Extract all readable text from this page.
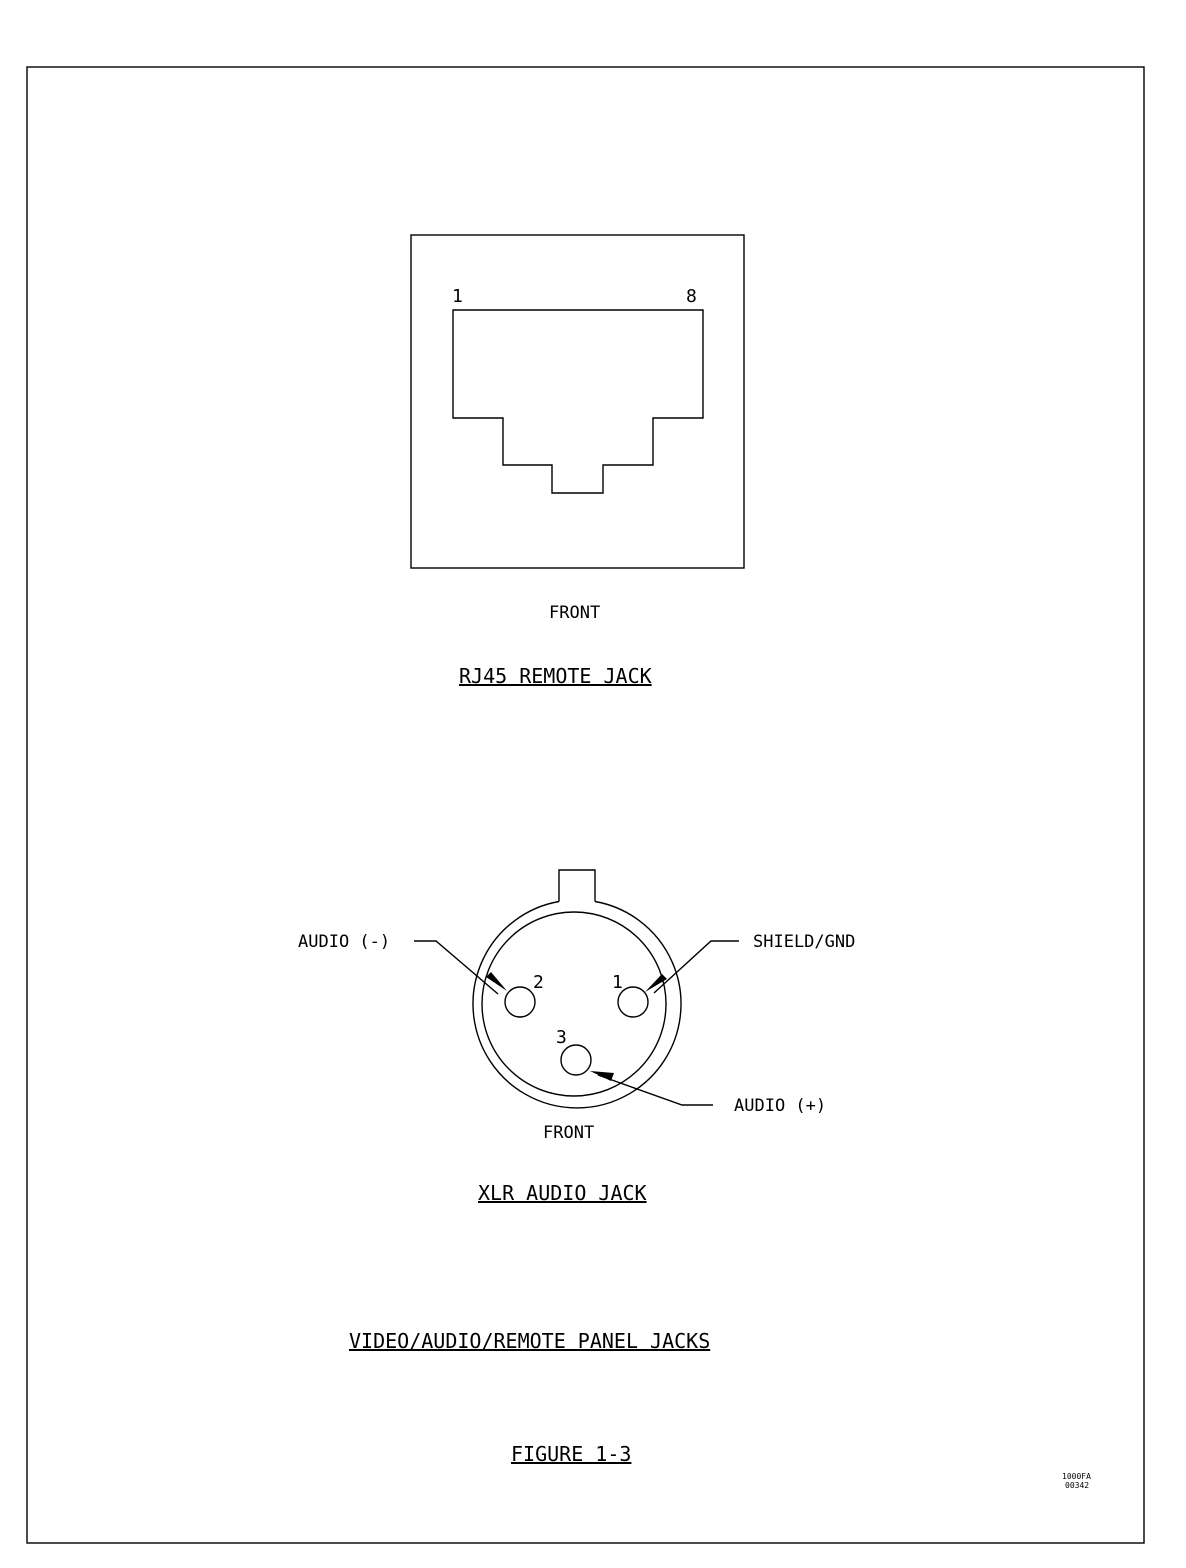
1	8
FRONT
RJ45 REMOTE JACK
2	1
3
AUDIO (-)	SHIELD/GND
AUDIO (+)
FRONT
XLR AUDIO JACK
VIDEO/AUDIO/REMOTE PANEL JACKS
FIGURE 1-3
1000FA
00342
